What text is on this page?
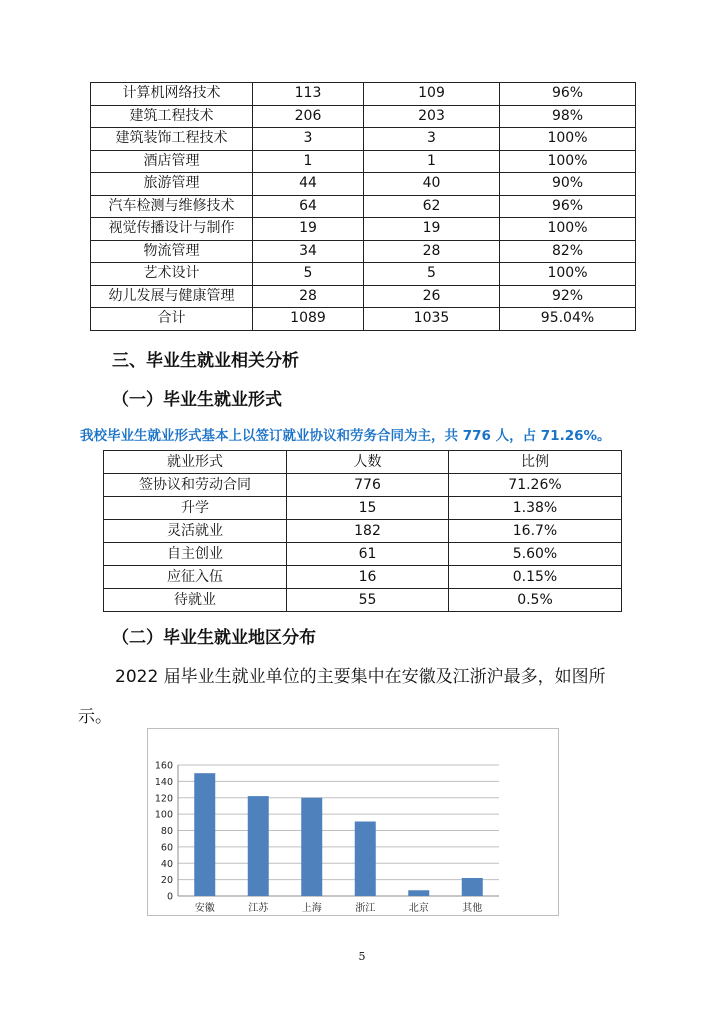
计算机网络技术	113	109	96%
建筑工程技术	206	203	98%
建筑装饰工程技术	3	3	100%
酒店管理	1	1	100%
旅游管理	44	40	90%
汽车检测与维修技术	64	62	96%
视觉传播设计与制作	19	19	100%
物流管理	34	28	82%
艺术设计	5	5	100%
幼儿发展与健康管理	28	26	92%
合计	1089	1035	95.04%
三、毕业生就业相关分析
（一）毕业生就业形式
我校毕业生就业形式基本上以签订就业协议和劳务合同为主，共 776 人，占 71.26%。
就业形式	人数	比例
签协议和劳动合同	776	71.26%
升学	15	1.38%
灵活就业	182	16.7%
自主创业	61	5.60%
应征入伍	16	0.15%
待就业	55	0.5%
（二）毕业生就业地区分布
2022 届毕业生就业单位的主要集中在安徽及江浙沪最多，如图所
示。
0
20
40
60
80
100
120
140
160
安徽	江苏	上海	浙江	北京	其他
5
